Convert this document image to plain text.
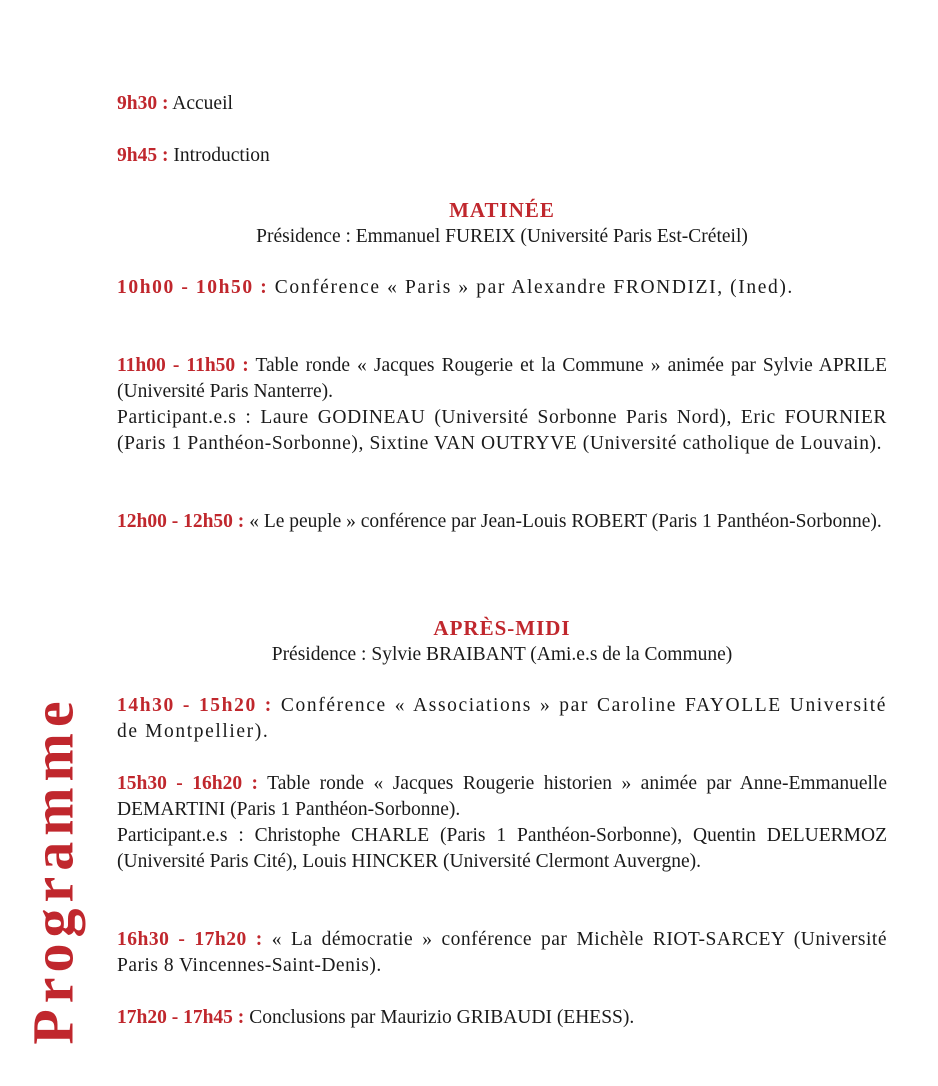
Programme

9h30 : Accueil

9h45 : Introduction

MATINÉE
Présidence : Emmanuel FUREIX (Université Paris Est-Créteil)

10h00 - 10h50 : Conférence « Paris » par Alexandre FRONDIZI, (Ined).

11h00 - 11h50 : Table ronde « Jacques Rougerie et la Commune » animée par Sylvie APRILE (Université Paris Nanterre).

Participant.e.s : Laure GODINEAU (Université Sorbonne Paris Nord), Eric FOURNIER (Paris 1 Panthéon-Sorbonne), Sixtine VAN OUTRYVE (Université catholique de Louvain).

12h00 - 12h50 : « Le peuple » conférence par Jean-Louis ROBERT (Paris 1 Panthéon-Sorbonne).

APRÈS-MIDI
Présidence : Sylvie BRAIBANT (Ami.e.s de la Commune)

14h30 - 15h20 : Conférence « Associations » par Caroline FAYOLLE Université de Montpellier).

15h30 - 16h20 : Table ronde « Jacques Rougerie historien » animée par Anne-Emmanuelle DEMARTINI (Paris 1 Panthéon-Sorbonne).

Participant.e.s : Christophe CHARLE (Paris 1 Panthéon-Sorbonne), Quentin DELUERMOZ (Université Paris Cité), Louis HINCKER (Université Clermont Auvergne).

16h30 - 17h20 : « La démocratie » conférence par Michèle RIOT-SARCEY (Université Paris 8 Vincennes-Saint-Denis).

17h20 - 17h45 : Conclusions par Maurizio GRIBAUDI (EHESS).
